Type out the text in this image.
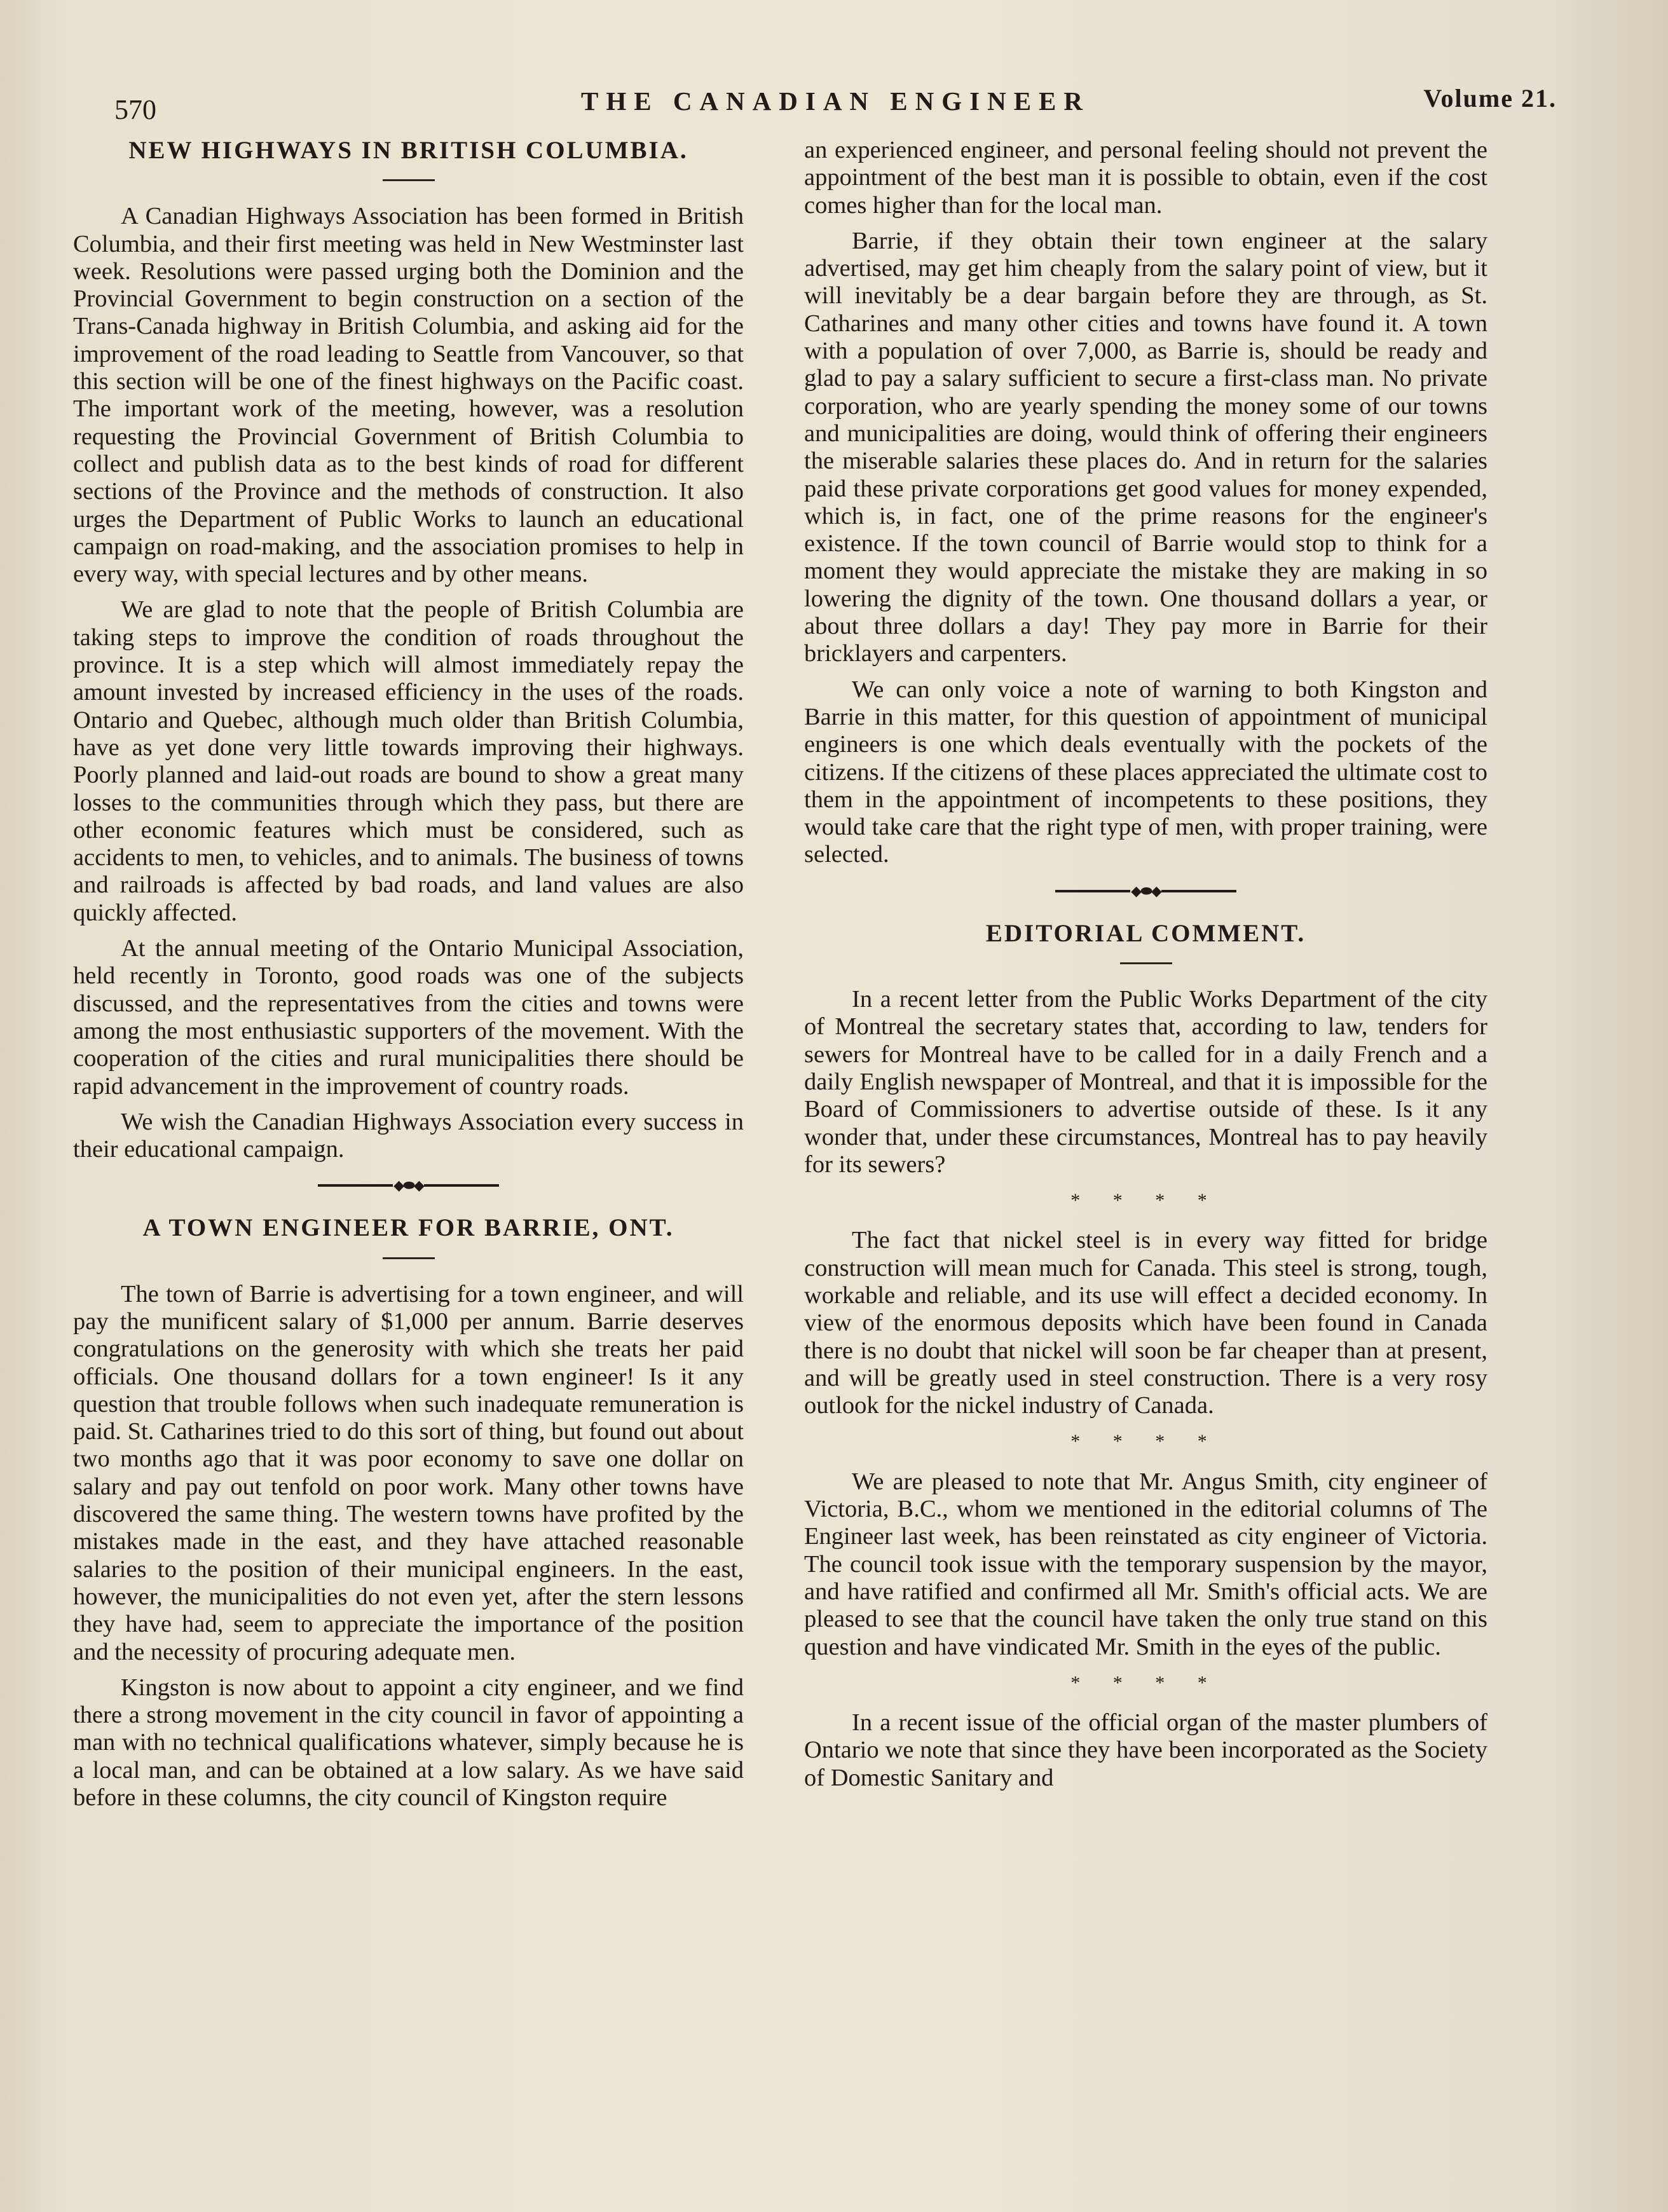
570	THE CANADIAN ENGINEER	Volume 21.
NEW HIGHWAYS IN BRITISH COLUMBIA.

A Canadian Highways Association has been formed in British Columbia, and their first meeting was held in New Westminster last week. Resolutions were passed urging both the Dominion and the Provincial Government to begin construction on a section of the Trans-Canada highway in British Columbia, and asking aid for the improvement of the road leading to Seattle from Vancouver, so that this section will be one of the finest highways on the Pacific coast. The important work of the meeting, however, was a resolution requesting the Provincial Government of British Columbia to collect and publish data as to the best kinds of road for different sections of the Province and the methods of construction. It also urges the Department of Public Works to launch an educational campaign on road-making, and the association promises to help in every way, with special lectures and by other means.

We are glad to note that the people of British Columbia are taking steps to improve the condition of roads throughout the province. It is a step which will almost immediately repay the amount invested by increased efficiency in the uses of the roads. Ontario and Quebec, although much older than British Columbia, have as yet done very little towards improving their highways. Poorly planned and laid-out roads are bound to show a great many losses to the communities through which they pass, but there are other economic features which must be considered, such as accidents to men, to vehicles, and to animals. The business of towns and railroads is affected by bad roads, and land values are also quickly affected.

At the annual meeting of the Ontario Municipal Association, held recently in Toronto, good roads was one of the subjects discussed, and the representatives from the cities and towns were among the most enthusiastic supporters of the movement. With the cooperation of the cities and rural municipalities there should be rapid advancement in the improvement of country roads.

We wish the Canadian Highways Association every success in their educational campaign.

◆⬬◆
A TOWN ENGINEER FOR BARRIE, ONT.

The town of Barrie is advertising for a town engineer, and will pay the munificent salary of $1,000 per annum. Barrie deserves congratulations on the generosity with which she treats her paid officials. One thousand dollars for a town engineer! Is it any question that trouble follows when such inadequate remuneration is paid. St. Catharines tried to do this sort of thing, but found out about two months ago that it was poor economy to save one dollar on salary and pay out tenfold on poor work. Many other towns have discovered the same thing. The western towns have profited by the mistakes made in the east, and they have attached reasonable salaries to the position of their municipal engineers. In the east, however, the municipalities do not even yet, after the stern lessons they have had, seem to appreciate the importance of the position and the necessity of procuring adequate men.

Kingston is now about to appoint a city engineer, and we find there a strong movement in the city council in favor of appointing a man with no technical qualifications whatever, simply because he is a local man, and can be obtained at a low salary. As we have said before in these columns, the city council of Kingston require

an experienced engineer, and personal feeling should not prevent the appointment of the best man it is possible to obtain, even if the cost comes higher than for the local man.

Barrie, if they obtain their town engineer at the salary advertised, may get him cheaply from the salary point of view, but it will inevitably be a dear bargain before they are through, as St. Catharines and many other cities and towns have found it. A town with a population of over 7,000, as Barrie is, should be ready and glad to pay a salary sufficient to secure a first-class man. No private corporation, who are yearly spending the money some of our towns and municipalities are doing, would think of offering their engineers the miserable salaries these places do. And in return for the salaries paid these private corporations get good values for money expended, which is, in fact, one of the prime reasons for the engineer's existence. If the town council of Barrie would stop to think for a moment they would appreciate the mistake they are making in so lowering the dignity of the town. One thousand dollars a year, or about three dollars a day! They pay more in Barrie for their bricklayers and carpenters.

We can only voice a note of warning to both Kingston and Barrie in this matter, for this question of appointment of municipal engineers is one which deals eventually with the pockets of the citizens. If the citizens of these places appreciated the ultimate cost to them in the appointment of incompetents to these positions, they would take care that the right type of men, with proper training, were selected.

◆⬬◆
EDITORIAL COMMENT.

In a recent letter from the Public Works Department of the city of Montreal the secretary states that, according to law, tenders for sewers for Montreal have to be called for in a daily French and a daily English newspaper of Montreal, and that it is impossible for the Board of Commissioners to advertise outside of these. Is it any wonder that, under these circumstances, Montreal has to pay heavily for its sewers?

* * * *

The fact that nickel steel is in every way fitted for bridge construction will mean much for Canada. This steel is strong, tough, workable and reliable, and its use will effect a decided economy. In view of the enormous deposits which have been found in Canada there is no doubt that nickel will soon be far cheaper than at present, and will be greatly used in steel construction. There is a very rosy outlook for the nickel industry of Canada.

* * * *

We are pleased to note that Mr. Angus Smith, city engineer of Victoria, B.C., whom we mentioned in the editorial columns of The Engineer last week, has been reinstated as city engineer of Victoria. The council took issue with the temporary suspension by the mayor, and have ratified and confirmed all Mr. Smith's official acts. We are pleased to see that the council have taken the only true stand on this question and have vindicated Mr. Smith in the eyes of the public.

* * * *

In a recent issue of the official organ of the master plumbers of Ontario we note that since they have been incorporated as the Society of Domestic Sanitary and
